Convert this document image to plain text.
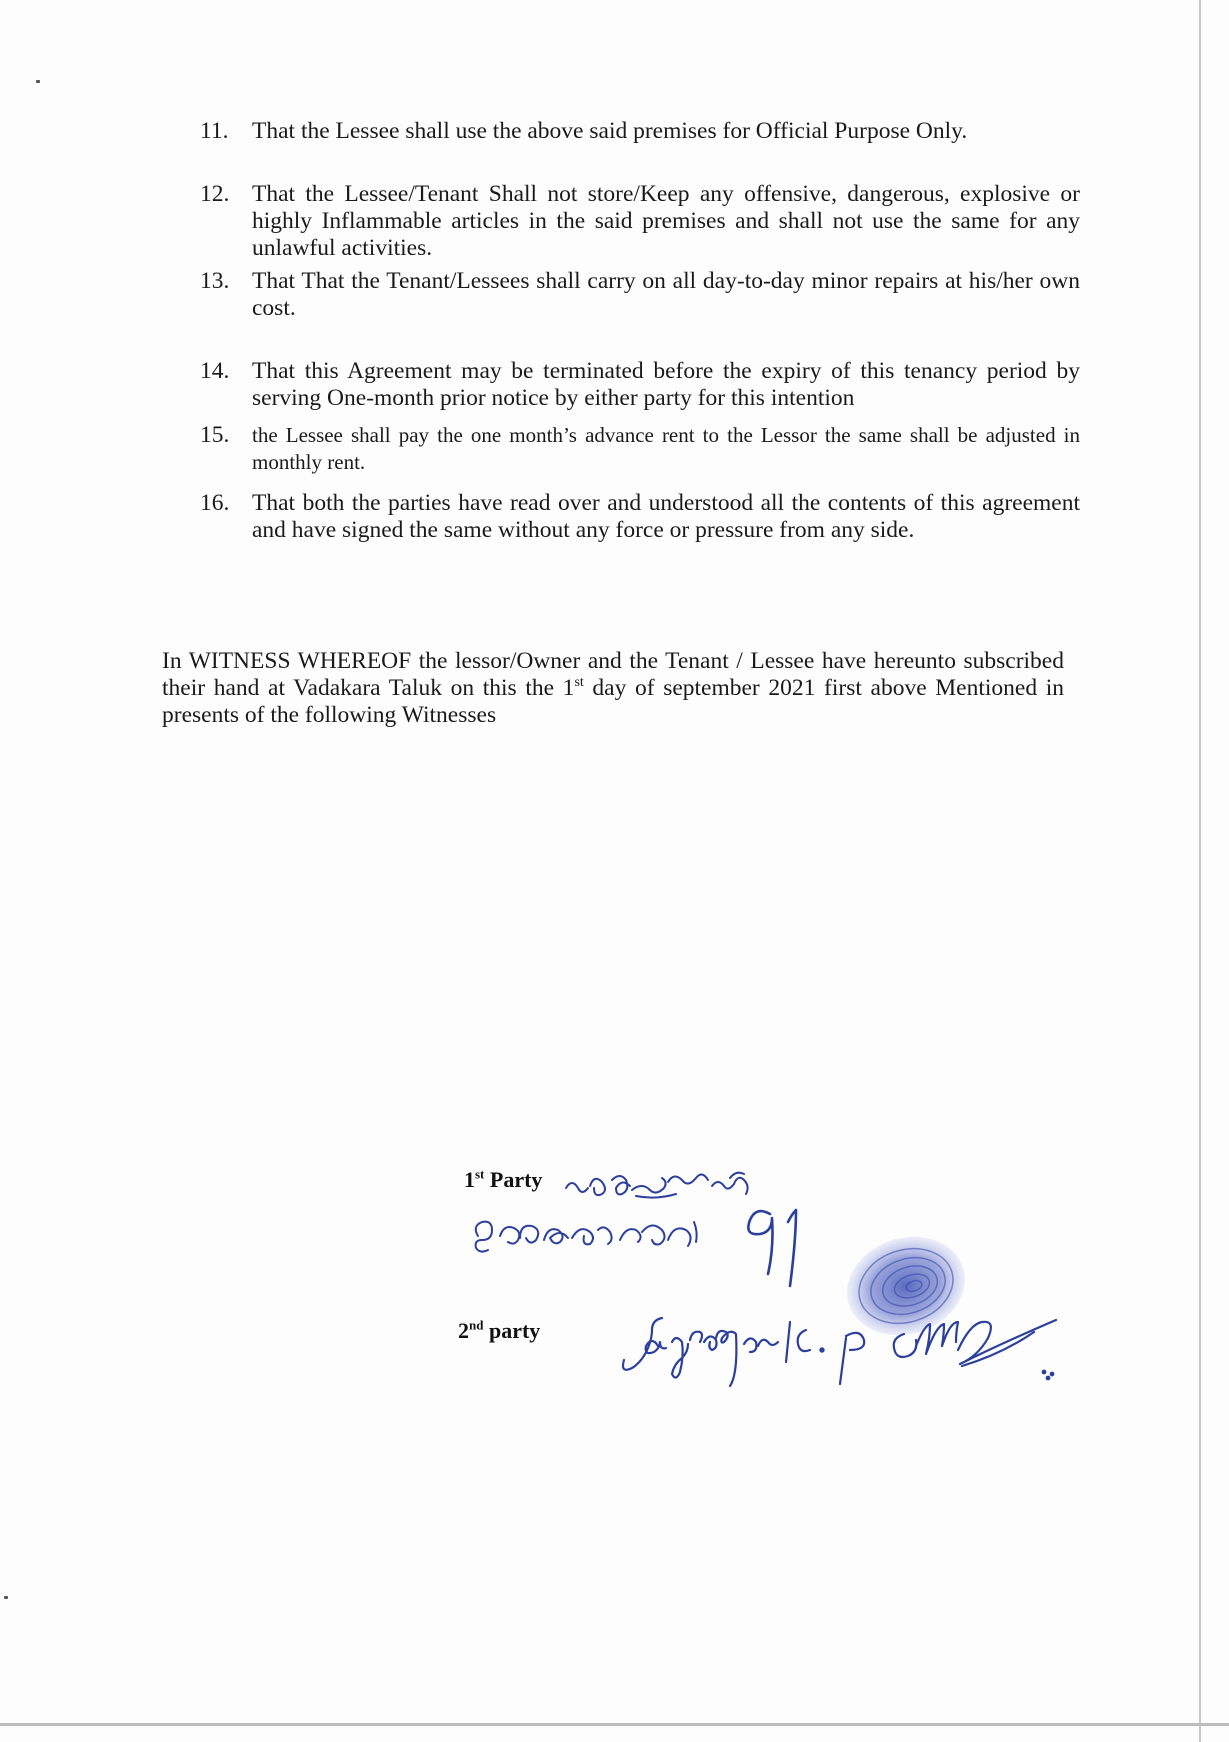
11. That the Lessee shall use the above said premises for Official Purpose Only.
12. That the Lessee/Tenant Shall not store/Keep any offensive, dangerous, explosive or highly Inflammable articles in the said premises and shall not use the same for any unlawful activities.
13. That That the Tenant/Lessees shall carry on all day-to-day minor repairs at his/her own cost.
14. That this Agreement may be terminated before the expiry of this tenancy period by serving One-month prior notice by either party for this intention
15.	the Lessee shall pay the one month’s advance rent to the Lessor the same shall be adjusted in monthly rent.
16. That both the parties have read over and understood all the contents of this agreement and have signed the same without any force or pressure from any side.
In WITNESS WHEREOF the lessor/Owner and the Tenant / Lessee have hereunto subscribed their hand at Vadakara Taluk on this the 1st day of september 2021 first above Mentioned in presents of the following Witnesses
1st Party
2nd party
